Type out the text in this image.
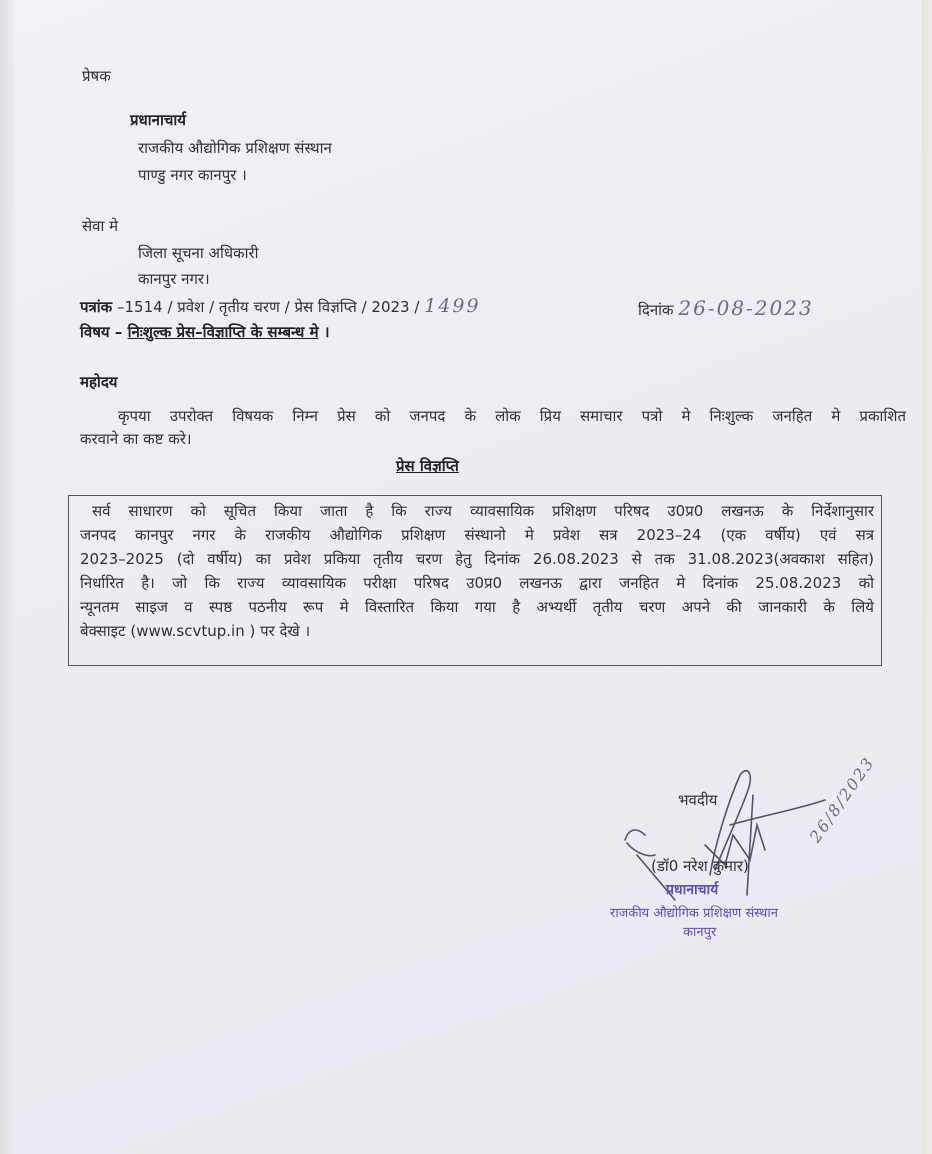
प्रेषक
प्रधानाचार्य
राजकीय औद्योगिक प्रशिक्षण संस्थान
पाण्डु नगर कानपुर ।
सेवा मे
जिला सूचना अधिकारी
कानपुर नगर।
पत्रांक –1514 / प्रवेश / तृतीय चरण / प्रेस विज्ञप्ति / 2023 / 1499	दिनांक 26-08-2023
विषय – निःशुल्क प्रेस–विज्ञाप्ति के सम्बन्ध मे ।
महोदय
कृपया उपरोक्त विषयक निम्न प्रेस को जनपद के लोक प्रिय समाचार पत्रो मे निःशुल्क जनहित मे प्रकाशित
करवाने का कष्ट करे।
प्रेस विज्ञप्ति
सर्व साधारण को सूचित किया जाता है कि राज्य व्यावसायिक प्रशिक्षण परिषद उ0प्र0 लखनऊ के निर्देशानुसार
जनपद कानपुर नगर के राजकीय औद्योगिक प्रशिक्षण संस्थानो मे प्रवेश सत्र 2023–24 (एक वर्षीय) एवं सत्र
2023–2025 (दो वर्षीय) का प्रवेश प्रकिया तृतीय चरण हेतु दिनांक 26.08.2023 से तक 31.08.2023(अवकाश सहित)
निर्धारित है। जो कि राज्य व्यावसायिक परीक्षा परिषद उ0प्र0 लखनऊ द्वारा जनहित मे दिनांक 25.08.2023 को
न्यूनतम साइज व स्पष्ठ पठनीय रूप मे विस्तारित किया गया है अभ्यर्थी तृतीय चरण अपने की जानकारी के लिये
बेक्साइट (www.scvtup.in ) पर देखे ।
भवदीय	26/8/2023
(डॉ0 नरेश कुमार)
प्रधानाचार्य
राजकीय औद्योगिक प्रशिक्षण संस्थान
कानपुर
